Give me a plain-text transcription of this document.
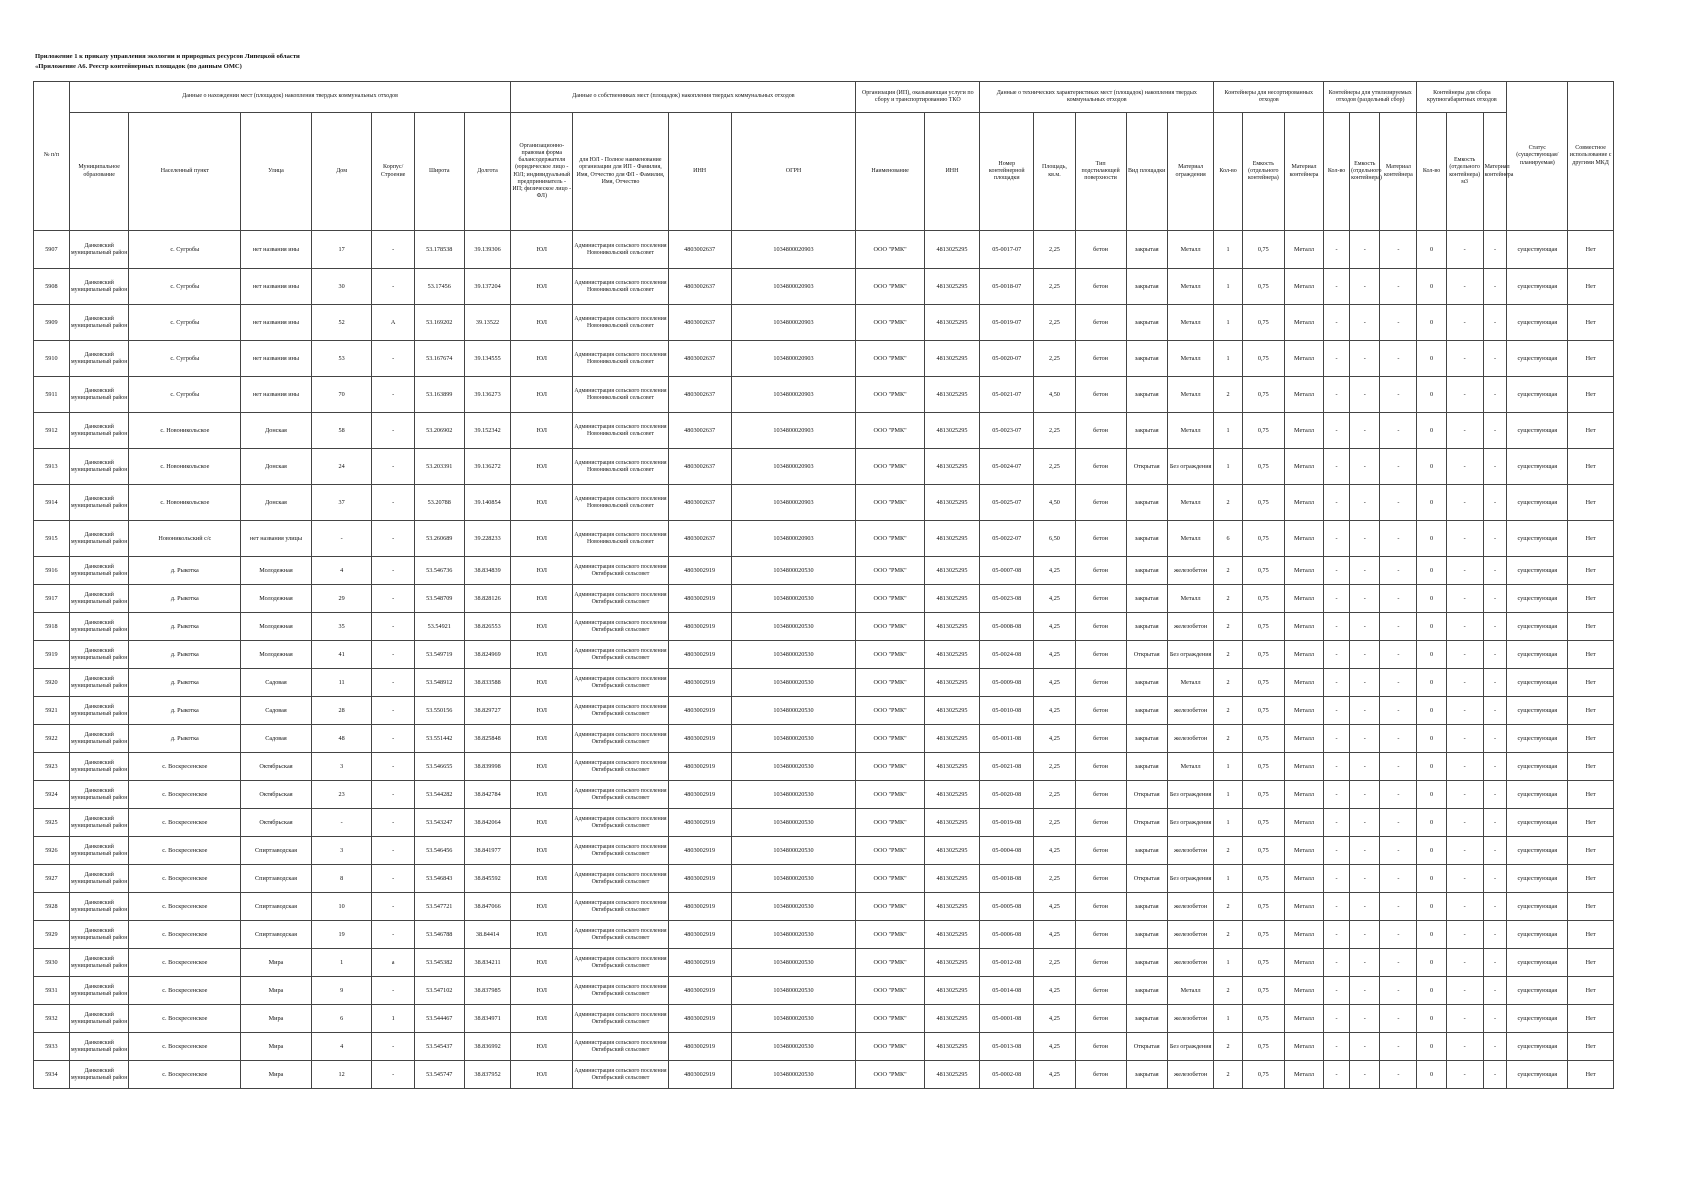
Приложение 1 к приказу управления экологии и природных ресурсов Липецкой области
«Приложение А6. Реестр контейнерных площадок (по данным ОМС)
№ п/п	Данные о нахождении мест (площадок) накопления твердых коммунальных отходов							Данные о собственниках мест (площадок) накопления твердых коммунальных отходов				Организация (ИП), оказывающая услуги по сбору и транспортированию ТКО		Данные о технических характеристиках мест (площадок) накопления твердых коммунальных отходов					Контейнеры для несортированных отходов			Контейнеры для утилизируемых отходов (раздельный сбор)			Контейнеры для сбора крупногабаритных отходов			Статус (существующая/планируемая)	Совместное использование с другими МКД
	Муниципальное образование	Населенный пункт	Улица	Дом	Корпус/Строение	Широта	Долгота	Организационно-правовая форма балансодержателя (юридическое лицо - ЮЛ; индивидуальный предприниматель - ИП; физическое лицо - ФЛ)	для ЮЛ - Полное наименование организации для ИП - Фамилия, Имя, Отчество для ФЛ - Фамилия, Имя, Отчество	ИНН	ОГРН	Наименование	ИНН	Номер контейнерной площадки	Площадь, кв.м.	Тип подстилающей поверхности	Вид площадки	Материал ограждения	Кол-во	Емкость (отдельного контейнера)	Материал контейнера	Кол-во	Емкость (отдельного контейнера)	Материал контейнера	Кол-во	Емкость (отдельного контейнера) м3	Материал контейнера		
5907	Данковский муниципальный район	с. Сугробы	нет названия ины	17	-	53.178538	39.139306	ЮЛ	Администрация сельского поселения Новоникольский сельсовет	4803002637	1034800020903	ООО "РМК"	4813025295	05-0017-07	2,25	бетон	закрытая	Металл	1	0,75	Металл	-	-	-	0	-	-	существующая	Нет
5908	Данковский муниципальный район	с. Сугробы	нет названия ины	30	-	53.17456	39.137204	ЮЛ	Администрация сельского поселения Новоникольский сельсовет	4803002637	1034800020903	ООО "РМК"	4813025295	05-0018-07	2,25	бетон	закрытая	Металл	1	0,75	Металл	-	-	-	0	-	-	существующая	Нет
5909	Данковский муниципальный район	с. Сугробы	нет названия ины	52	А	53.169202	39.13522	ЮЛ	Администрация сельского поселения Новоникольский сельсовет	4803002637	1034800020903	ООО "РМК"	4813025295	05-0019-07	2,25	бетон	закрытая	Металл	1	0,75	Металл	-	-	-	0	-	-	существующая	Нет
5910	Данковский муниципальный район	с. Сугробы	нет названия ины	53	-	53.167674	39.134555	ЮЛ	Администрация сельского поселения Новоникольский сельсовет	4803002637	1034800020903	ООО "РМК"	4813025295	05-0020-07	2,25	бетон	закрытая	Металл	1	0,75	Металл	-	-	-	0	-	-	существующая	Нет
5911	Данковский муниципальный район	с. Сугробы	нет названия ины	70	-	53.163899	39.136273	ЮЛ	Администрация сельского поселения Новоникольский сельсовет	4803002637	1034800020903	ООО "РМК"	4813025295	05-0021-07	4,50	бетон	закрытая	Металл	2	0,75	Металл	-	-	-	0	-	-	существующая	Нет
5912	Данковский муниципальный район	с. Новоникольское	Донская	58	-	53.206902	39.152342	ЮЛ	Администрация сельского поселения Новоникольский сельсовет	4803002637	1034800020903	ООО "РМК"	4813025295	05-0023-07	2,25	бетон	закрытая	Металл	1	0,75	Металл	-	-	-	0	-	-	существующая	Нет
5913	Данковский муниципальный район	с. Новоникольское	Донская	24	-	53.203391	39.136272	ЮЛ	Администрация сельского поселения Новоникольский сельсовет	4803002637	1034800020903	ООО "РМК"	4813025295	05-0024-07	2,25	бетон	Открытая	Без ограждения	1	0,75	Металл	-	-	-	0	-	-	существующая	Нет
5914	Данковский муниципальный район	с. Новоникольское	Донская	37	-	53.20788	39.140854	ЮЛ	Администрация сельского поселения Новоникольский сельсовет	4803002637	1034800020903	ООО "РМК"	4813025295	05-0025-07	4,50	бетон	закрытая	Металл	2	0,75	Металл	-	-	-	0	-	-	существующая	Нет
5915	Данковский муниципальный район	Новоникольский с/с	нет названия улицы	-	-	53.260689	39.228233	ЮЛ	Администрация сельского поселения Новоникольский сельсовет	4803002637	1034800020903	ООО "РМК"	4813025295	05-0022-07	6,50	бетон	закрытая	Металл	6	0,75	Металл	-	-	-	0	-	-	существующая	Нет
5916	Данковский муниципальный район	д. Рыкотка	Молодежная	4	-	53.546736	38.834839	ЮЛ	Администрация сельского поселения Октябрьский сельсовет	4803002919	1034800020530	ООО "РМК"	4813025295	05-0007-08	4,25	бетон	закрытая	железобетон	2	0,75	Металл	-	-	-	0	-	-	существующая	Нет
5917	Данковский муниципальный район	д. Рыкотка	Молодежная	29	-	53.548709	38.828126	ЮЛ	Администрация сельского поселения Октябрьский сельсовет	4803002919	1034800020530	ООО "РМК"	4813025295	05-0023-08	4,25	бетон	закрытая	Металл	2	0,75	Металл	-	-	-	0	-	-	существующая	Нет
5918	Данковский муниципальный район	д. Рыкотка	Молодежная	35	-	53.54921	38.826553	ЮЛ	Администрация сельского поселения Октябрьский сельсовет	4803002919	1034800020530	ООО "РМК"	4813025295	05-0008-08	4,25	бетон	закрытая	железобетон	2	0,75	Металл	-	-	-	0	-	-	существующая	Нет
5919	Данковский муниципальный район	д. Рыкотка	Молодежная	41	-	53.549719	38.824969	ЮЛ	Администрация сельского поселения Октябрьский сельсовет	4803002919	1034800020530	ООО "РМК"	4813025295	05-0024-08	4,25	бетон	Открытая	Без ограждения	2	0,75	Металл	-	-	-	0	-	-	существующая	Нет
5920	Данковский муниципальный район	д. Рыкотка	Садовая	11	-	53.548912	38.833588	ЮЛ	Администрация сельского поселения Октябрьский сельсовет	4803002919	1034800020530	ООО "РМК"	4813025295	05-0009-08	4,25	бетон	закрытая	Металл	2	0,75	Металл	-	-	-	0	-	-	существующая	Нет
5921	Данковский муниципальный район	д. Рыкотка	Садовая	28	-	53.550156	38.829727	ЮЛ	Администрация сельского поселения Октябрьский сельсовет	4803002919	1034800020530	ООО "РМК"	4813025295	05-0010-08	4,25	бетон	закрытая	железобетон	2	0,75	Металл	-	-	-	0	-	-	существующая	Нет
5922	Данковский муниципальный район	д. Рыкотка	Садовая	48	-	53.551442	38.825848	ЮЛ	Администрация сельского поселения Октябрьский сельсовет	4803002919	1034800020530	ООО "РМК"	4813025295	05-0011-08	4,25	бетон	закрытая	железобетон	2	0,75	Металл	-	-	-	0	-	-	существующая	Нет
5923	Данковский муниципальный район	с. Воскресенское	Октябрьская	3	-	53.546655	38.839998	ЮЛ	Администрация сельского поселения Октябрьский сельсовет	4803002919	1034800020530	ООО "РМК"	4813025295	05-0021-08	2,25	бетон	закрытая	Металл	1	0,75	Металл	-	-	-	0	-	-	существующая	Нет
5924	Данковский муниципальный район	с. Воскресенское	Октябрьская	23	-	53.544282	38.842784	ЮЛ	Администрация сельского поселения Октябрьский сельсовет	4803002919	1034800020530	ООО "РМК"	4813025295	05-0020-08	2,25	бетон	Открытая	Без ограждения	1	0,75	Металл	-	-	-	0	-	-	существующая	Нет
5925	Данковский муниципальный район	с. Воскресенское	Октябрьская	-	-	53.543247	38.842064	ЮЛ	Администрация сельского поселения Октябрьский сельсовет	4803002919	1034800020530	ООО "РМК"	4813025295	05-0019-08	2,25	бетон	Открытая	Без ограждения	1	0,75	Металл	-	-	-	0	-	-	существующая	Нет
5926	Данковский муниципальный район	с. Воскресенское	Спиртзаводская	3	-	53.546456	38.841977	ЮЛ	Администрация сельского поселения Октябрьский сельсовет	4803002919	1034800020530	ООО "РМК"	4813025295	05-0004-08	4,25	бетон	закрытая	железобетон	2	0,75	Металл	-	-	-	0	-	-	существующая	Нет
5927	Данковский муниципальный район	с. Воскресенское	Спиртзаводская	8	-	53.546843	38.845592	ЮЛ	Администрация сельского поселения Октябрьский сельсовет	4803002919	1034800020530	ООО "РМК"	4813025295	05-0018-08	2,25	бетон	Открытая	Без ограждения	1	0,75	Металл	-	-	-	0	-	-	существующая	Нет
5928	Данковский муниципальный район	с. Воскресенское	Спиртзаводская	10	-	53.547721	38.847066	ЮЛ	Администрация сельского поселения Октябрьский сельсовет	4803002919	1034800020530	ООО "РМК"	4813025295	05-0005-08	4,25	бетон	закрытая	железобетон	2	0,75	Металл	-	-	-	0	-	-	существующая	Нет
5929	Данковский муниципальный район	с. Воскресенское	Спиртзаводская	19	-	53.546788	38.84414	ЮЛ	Администрация сельского поселения Октябрьский сельсовет	4803002919	1034800020530	ООО "РМК"	4813025295	05-0006-08	4,25	бетон	закрытая	железобетон	2	0,75	Металл	-	-	-	0	-	-	существующая	Нет
5930	Данковский муниципальный район	с. Воскресенское	Мира	1	а	53.545382	38.834211	ЮЛ	Администрация сельского поселения Октябрьский сельсовет	4803002919	1034800020530	ООО "РМК"	4813025295	05-0012-08	2,25	бетон	закрытая	железобетон	1	0,75	Металл	-	-	-	0	-	-	существующая	Нет
5931	Данковский муниципальный район	с. Воскресенское	Мира	9	-	53.547102	38.837985	ЮЛ	Администрация сельского поселения Октябрьский сельсовет	4803002919	1034800020530	ООО "РМК"	4813025295	05-0014-08	4,25	бетон	закрытая	Металл	2	0,75	Металл	-	-	-	0	-	-	существующая	Нет
5932	Данковский муниципальный район	с. Воскресенское	Мира	6	1	53.544467	38.834971	ЮЛ	Администрация сельского поселения Октябрьский сельсовет	4803002919	1034800020530	ООО "РМК"	4813025295	05-0001-08	4,25	бетон	закрытая	железобетон	1	0,75	Металл	-	-	-	0	-	-	существующая	Нет
5933	Данковский муниципальный район	с. Воскресенское	Мира	4	-	53.545437	38.836992	ЮЛ	Администрация сельского поселения Октябрьский сельсовет	4803002919	1034800020530	ООО "РМК"	4813025295	05-0013-08	4,25	бетон	Открытая	Без ограждения	2	0,75	Металл	-	-	-	0	-	-	существующая	Нет
5934	Данковский муниципальный район	с. Воскресенское	Мира	12	-	53.545747	38.837952	ЮЛ	Администрация сельского поселения Октябрьский сельсовет	4803002919	1034800020530	ООО "РМК"	4813025295	05-0002-08	4,25	бетон	закрытая	железобетон	2	0,75	Металл	-	-	-	0	-	-	существующая	Нет
